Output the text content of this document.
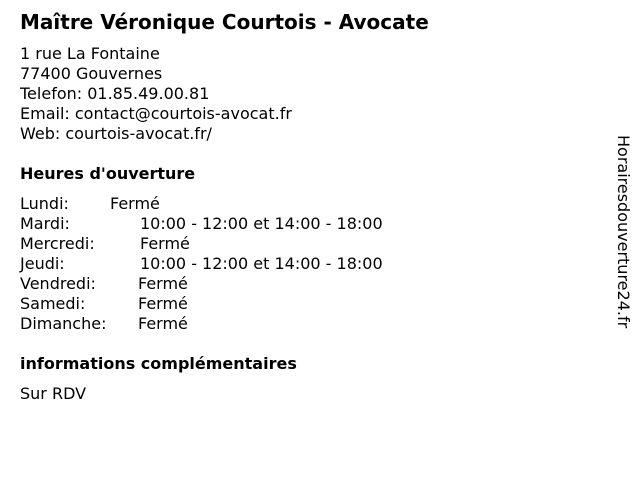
Maître Véronique Courtois - Avocate
1 rue La Fontaine
77400 Gouvernes
Telefon: 01.85.49.00.81
Email: contact@courtois-avocat.fr
Web: courtois-avocat.fr/
Heures d'ouverture
Lundi:	Fermé
Mardi:	10:00 - 12:00 et 14:00 - 18:00
Mercredi:	Fermé
Jeudi:	10:00 - 12:00 et 14:00 - 18:00
Vendredi:	Fermé
Samedi:	Fermé
Dimanche: Fermé
informations complémentaires
Sur RDV
Horairesdouverture24.fr
